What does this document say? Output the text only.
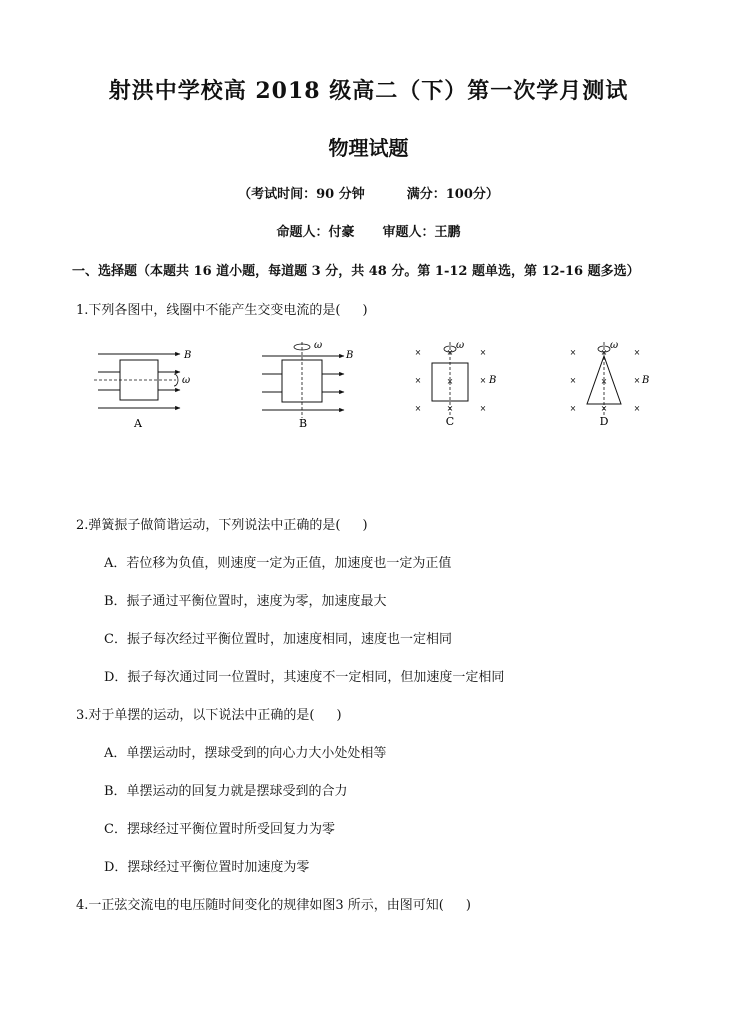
射洪中学校高 2018 级高二（下）第一次学月测试
物理试题
（考试时间：90 分钟	满分：100分）
命题人：付豪 审题人：王鹏
一、选择题（本题共 16 道小题，每道题 3 分，共 48 分。第 1-12 题单选，第 12-16 题多选）
1.下列各图中，线圈中不能产生交变电流的是( )
B
ω
A
ω
B
B
×	×
×	×
×	×
×
×
×
ω
B
C
×	×
×	×
×	×
×
×
×
ω
B
D
2.弹簧振子做简谐运动，下列说法中正确的是( )
A．若位移为负值，则速度一定为正值，加速度也一定为正值
B．振子通过平衡位置时，速度为零，加速度最大
C．振子每次经过平衡位置时，加速度相同，速度也一定相同
D．振子每次通过同一位置时，其速度不一定相同，但加速度一定相同
3.对于单摆的运动，以下说法中正确的是( )
A．单摆运动时，摆球受到的向心力大小处处相等
B．单摆运动的回复力就是摆球受到的合力
C．摆球经过平衡位置时所受回复力为零
D．摆球经过平衡位置时加速度为零
4.一正弦交流电的电压随时间变化的规律如图3 所示，由图可知( )
